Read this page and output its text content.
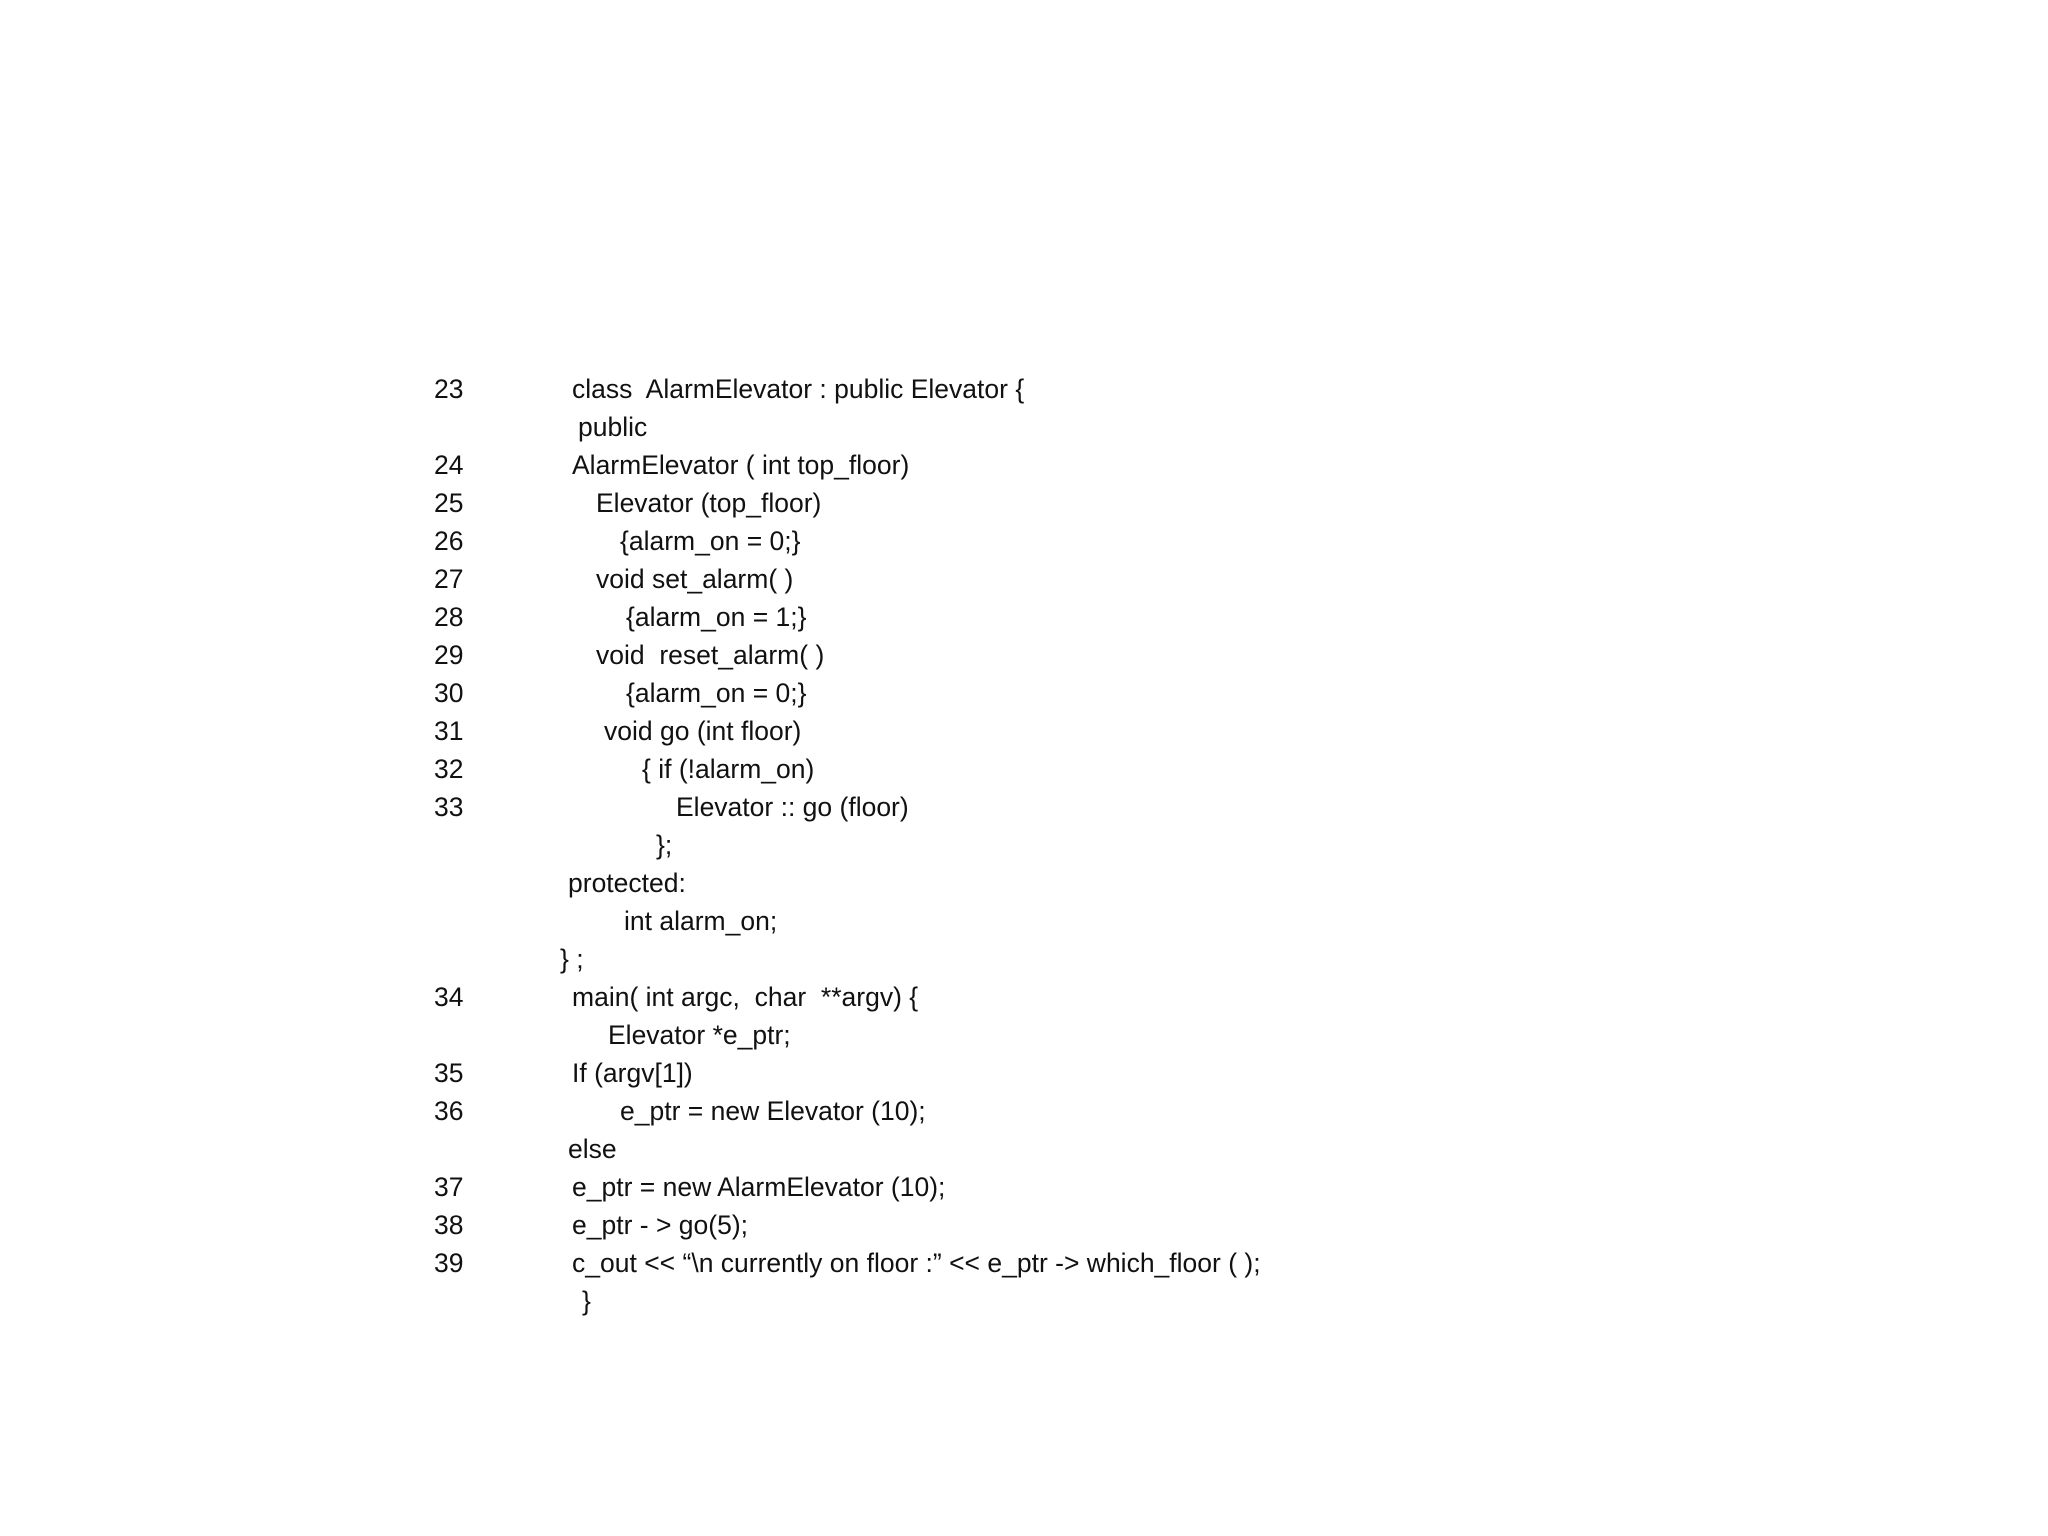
23	class  AlarmElevator : public Elevator {
public
24	AlarmElevator ( int top_floor)
25	Elevator (top_floor)
26	{alarm_on = 0;}
27	void set_alarm( )
28	{alarm_on = 1;}
29	void  reset_alarm( )
30	{alarm_on = 0;}
31	void go (int floor)
32	{ if (!alarm_on)
33	Elevator :: go (floor)
};
protected:
int alarm_on;
} ;
34	main( int argc,  char  **argv) {
Elevator *e_ptr;
35	If (argv[1])
36	e_ptr = new Elevator (10);
else
37	e_ptr = new AlarmElevator (10);
38	e_ptr - > go(5);
39	c_out << “\n currently on floor :” << e_ptr -> which_floor ( );
}
